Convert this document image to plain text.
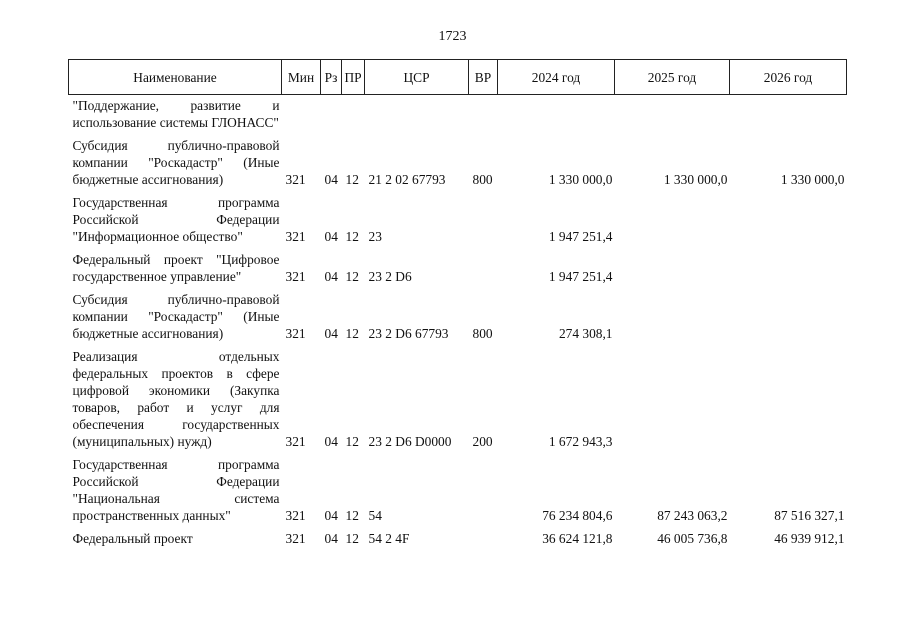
1723
Наименование	Мин	Рз	ПР	ЦСР	ВР	2024 год	2025 год	2026 год
"Поддержание, развитие и использование системы ГЛОНАСС"								
Субсидия публично-правовой компании "Роскадастр" (Иные бюджетные ассигнования)	321	04	12	21 2 02 67793	800	1 330 000,0	1 330 000,0	1 330 000,0
Государственная программа Российской Федерации "Информационное общество"	321	04	12	23		1 947 251,4		
Федеральный проект "Цифровое государственное управление"	321	04	12	23 2 D6		1 947 251,4		
Субсидия публично-правовой компании "Роскадастр" (Иные бюджетные ассигнования)	321	04	12	23 2 D6 67793	800	274 308,1		
Реализация отдельных федеральных проектов в сфере цифровой экономики (Закупка товаров, работ и услуг для обеспечения государственных (муниципальных) нужд)	321	04	12	23 2 D6 D0000	200	1 672 943,3		
Государственная программа Российской Федерации "Национальная система пространственных данных"	321	04	12	54		76 234 804,6	87 243 063,2	87 516 327,1
Федеральный проект	321	04	12	54 2 4F		36 624 121,8	46 005 736,8	46 939 912,1
